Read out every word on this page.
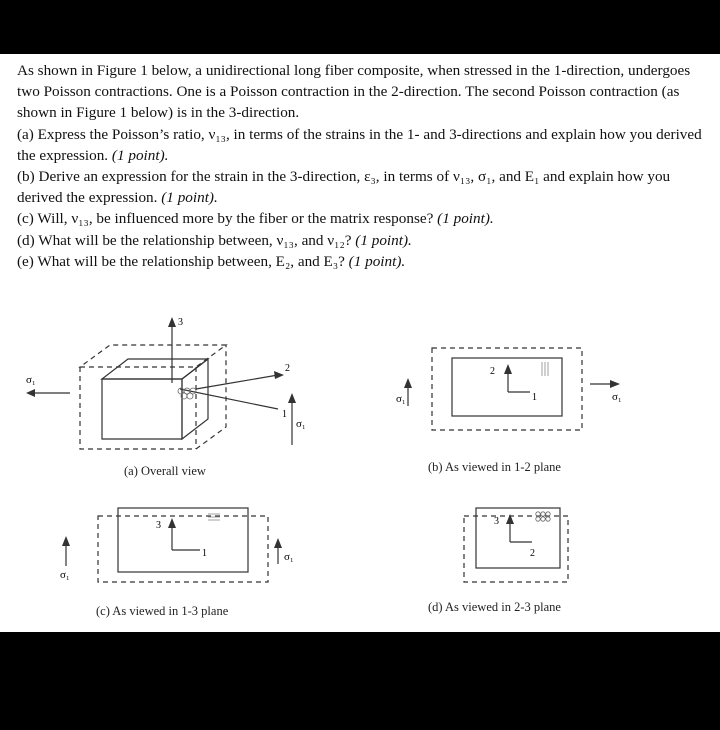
As shown in Figure 1 below, a unidirectional long fiber composite, when stressed in the 1-direction, undergoes two Poisson contractions. One is a Poisson contraction in the 2-direction. The second Poisson contraction (as shown in Figure 1 below) is in the 3-direction.

(a) Express the Poisson’s ratio, ν₁₃, in terms of the strains in the 1- and 3-directions and explain how you derived the expression. (1 point).

(b) Derive an expression for the strain in the 3-direction, ε₃, in terms of ν₁₃, σ₁, and E₁ and explain how you derived the expression. (1 point).

(c) Will, ν₁₃, be influenced more by the fiber or the matrix response? (1 point).

(d) What will be the relationship between, ν₁₃, and ν₁₂? (1 point).

(e) What will be the relationship between, E₂, and E₃? (1 point).

3
2
1
σ₁
σ₁
(a) Overall view
2
1
σ₁	σ₁
(b) As viewed in 1-2 plane
3
1
σ₁
σ₁
(c) As viewed in 1-3 plane
3
2
(d) As viewed in 2-3 plane
